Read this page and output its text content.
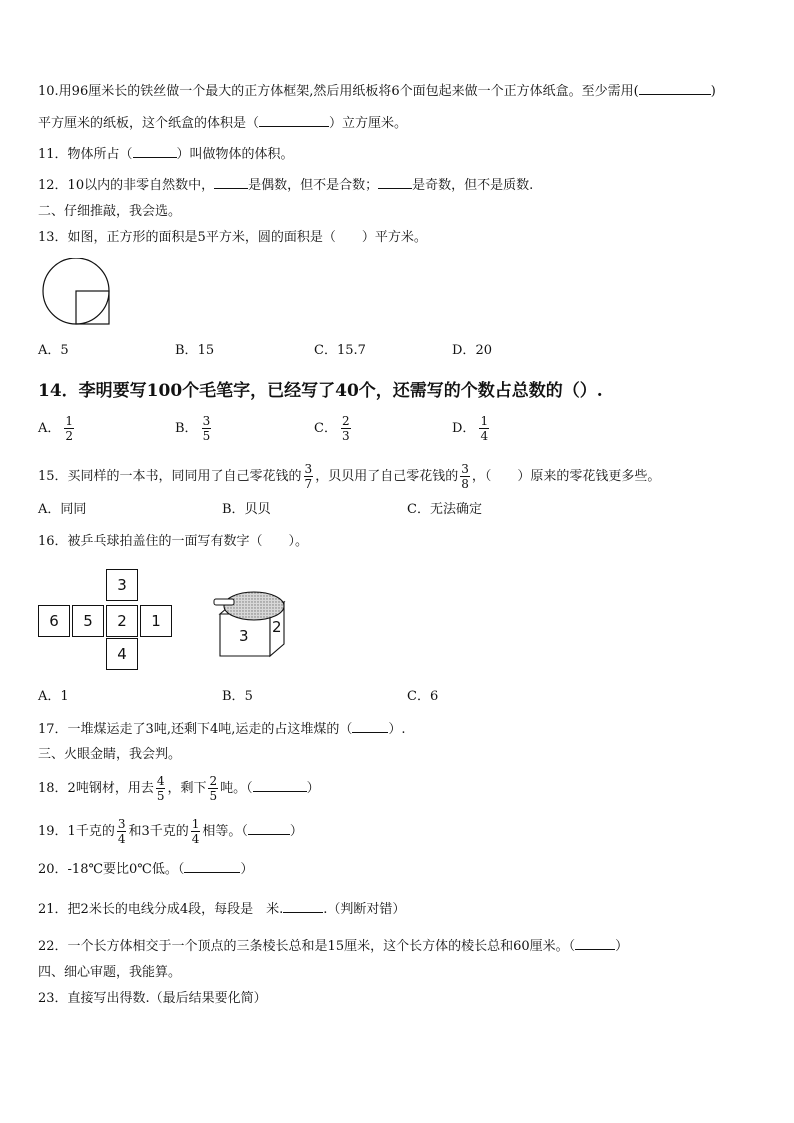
10.用96厘米长的铁丝做一个最大的正方体框架,然后用纸板将6个面包起来做一个正方体纸盒。至少需用(	)
平方厘米的纸板，这个纸盒的体积是（	）立方厘米。
11．物体所占（	）叫做物体的体积。
12．10以内的非零自然数中，	是偶数，但不是合数；	是奇数，但不是质数.
二、仔细推敲，我会选。
13．如图，正方形的面积是5平方米，圆的面积是（　　）平方米。
A．5	B．15	C．15.7	D．20
14．李明要写100个毛笔字，已经写了40个，还需写的个数占总数的（）.
A． $\frac{1}{2}$	B． $\frac{3}{5}$	C． $\frac{2}{3}$	D． $\frac{1}{4}$
15．买同样的一本书，同同用了自己零花钱的 $\frac{3}{7}$ ，贝贝用了自己零花钱的 $\frac{3}{8}$ ，（　　）原来的零花钱更多些。
A．同同	B．贝贝	C．无法确定
16．被乒乓球拍盖住的一面写有数字（　　）。
3
6	5	2	1
4
3 2
A．1	B．5	C．6
17．一堆煤运走了3吨,还剩下4吨,运走的占这堆煤的（	）.
三、火眼金睛，我会判。
18．2吨钢材，用去 $\frac{4}{5}$ ，剩下 $\frac{2}{5}$ 吨。（	）
19．1千克的 $\frac{3}{4}$ 和3千克的 $\frac{1}{4}$ 相等。（	）
20．-18℃要比0℃低。（	）
21．把2米长的电线分成4段，每段是　米.	.（判断对错）
22．一个长方体相交于一个顶点的三条棱长总和是15厘米，这个长方体的棱长总和60厘米。（	）
四、细心审题，我能算。
23．直接写出得数.（最后结果要化简）
